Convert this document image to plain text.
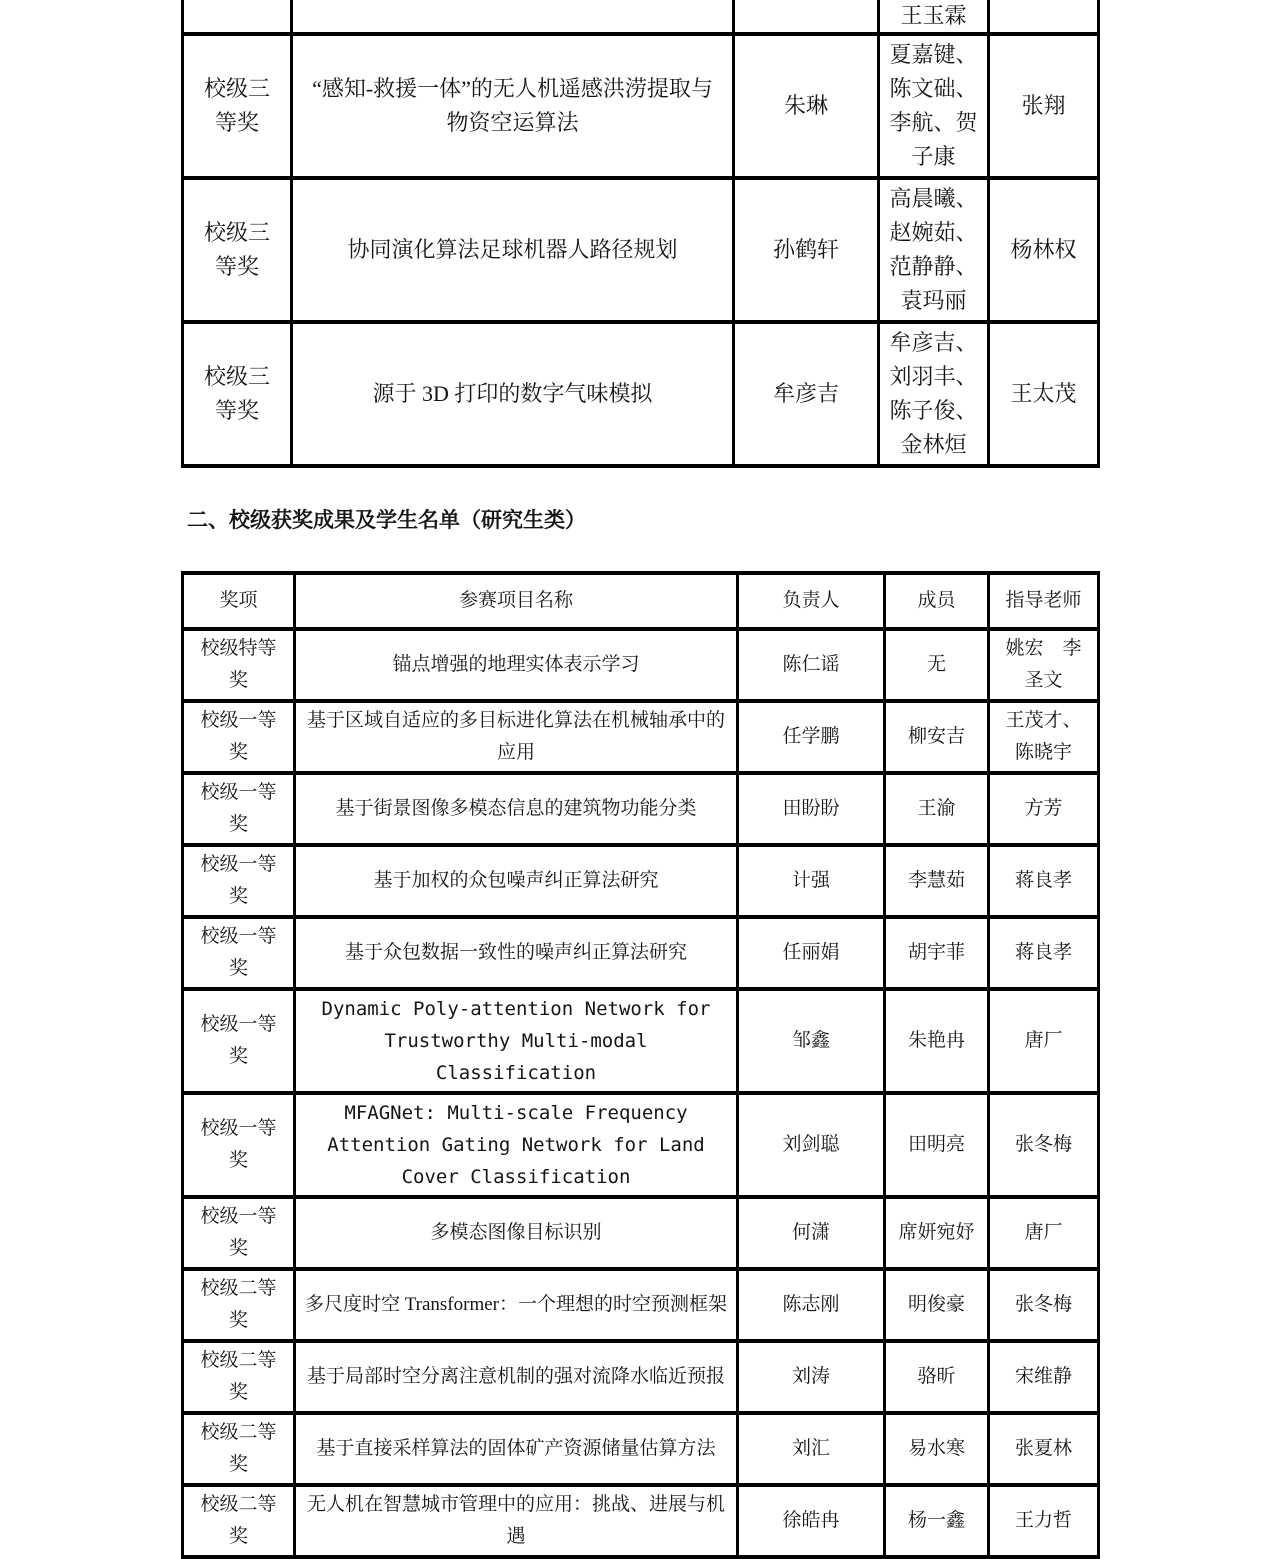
			王玉霖	
校级三等奖	“感知-救援一体”的无人机遥感洪涝提取与物资空运算法	朱琳	夏嘉键、陈文础、李航、贺子康	张翔
校级三等奖	协同演化算法足球机器人路径规划	孙鹤轩	高晨曦、赵婉茹、范静静、袁玛丽	杨林权
校级三等奖	源于 3D 打印的数字气味模拟	牟彦吉	牟彦吉、刘羽丰、陈子俊、金林烜	王太茂
二、校级获奖成果及学生名单（研究生类）
奖项	参赛项目名称	负责人	成员	指导老师
校级特等奖	锚点增强的地理实体表示学习	陈仁谣	无	姚宏　李圣文
校级一等奖	基于区域自适应的多目标进化算法在机械轴承中的应用	任学鹏	柳安吉	王茂才、陈晓宇
校级一等奖	基于街景图像多模态信息的建筑物功能分类	田盼盼	王渝	方芳
校级一等奖	基于加权的众包噪声纠正算法研究	计强	李慧茹	蒋良孝
校级一等奖	基于众包数据一致性的噪声纠正算法研究	任丽娟	胡宇菲	蒋良孝
校级一等奖	Dynamic Poly-attention Network for Trustworthy Multi-modal Classification	邹鑫	朱艳冉	唐厂
校级一等奖	MFAGNet: Multi-scale Frequency Attention Gating Network for Land Cover Classification	刘剑聪	田明亮	张冬梅
校级一等奖	多模态图像目标识别	何潇	席妍宛妤	唐厂
校级二等奖	多尺度时空 Transformer：一个理想的时空预测框架	陈志刚	明俊豪	张冬梅
校级二等奖	基于局部时空分离注意机制的强对流降水临近预报	刘涛	骆昕	宋维静
校级二等奖	基于直接采样算法的固体矿产资源储量估算方法	刘汇	易水寒	张夏林
校级二等奖	无人机在智慧城市管理中的应用：挑战、进展与机遇	徐皓冉	杨一鑫	王力哲
